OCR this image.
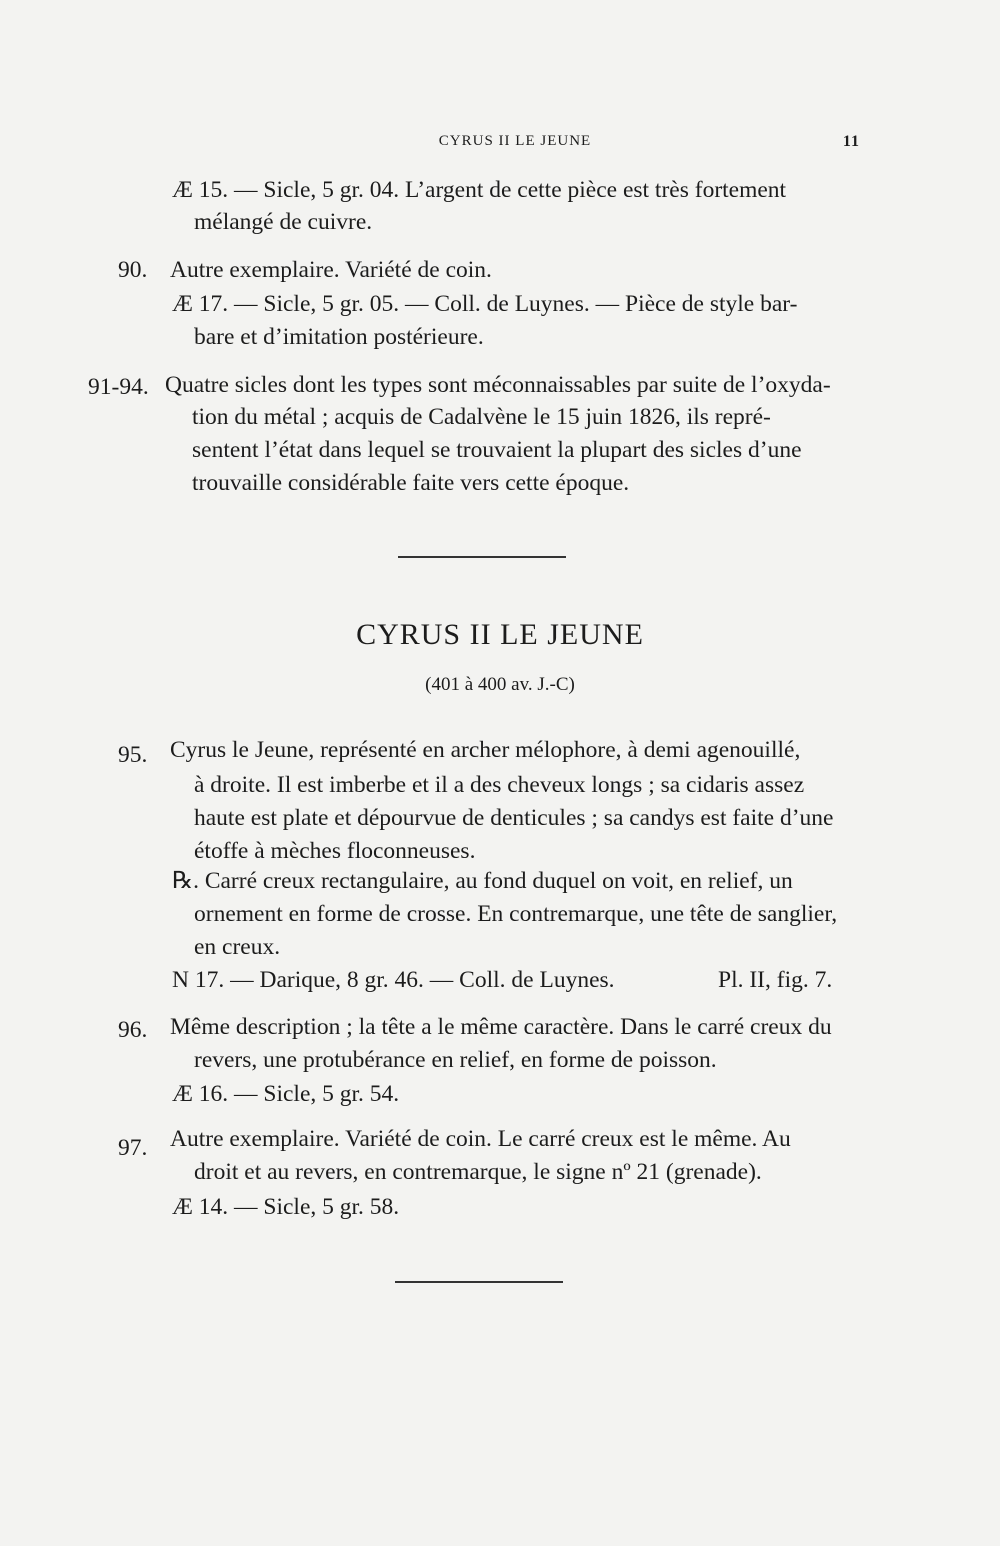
CYRUS II LE JEUNE	11
Æ 15. — Sicle, 5 gr. 04. L’argent de cette pièce est très fortement
mélangé de cuivre.
90. Autre exemplaire. Variété de coin.
Æ 17. — Sicle, 5 gr. 05. — Coll. de Luynes. — Pièce de style bar-
bare et d’imitation postérieure.
91-94. Quatre sicles dont les types sont méconnaissables par suite de l’oxyda-
tion du métal ; acquis de Cadalvène le 15 juin 1826, ils repré-
sentent l’état dans lequel se trouvaient la plupart des sicles d’une
trouvaille considérable faite vers cette époque.
CYRUS II LE JEUNE
(401 à 400 av. J.-C)
95. Cyrus le Jeune, représenté en archer mélophore, à demi agenouillé,
à droite. Il est imberbe et il a des cheveux longs ; sa cidaris assez
haute est plate et dépourvue de denticules ; sa candys est faite d’une
étoffe à mèches floconneuses.
℞. Carré creux rectangulaire, au fond duquel on voit, en relief, un
ornement en forme de crosse. En contremarque, une tête de sanglier,
en creux.
N 17. — Darique, 8 gr. 46. — Coll. de Luynes.	Pl. II, fig. 7.
96. Même description ; la tête a le même caractère. Dans le carré creux du
revers, une protubérance en relief, en forme de poisson.
Æ 16. — Sicle, 5 gr. 54.
97. Autre exemplaire. Variété de coin. Le carré creux est le même. Au
droit et au revers, en contremarque, le signe nº 21 (grenade).
Æ 14. — Sicle, 5 gr. 58.
